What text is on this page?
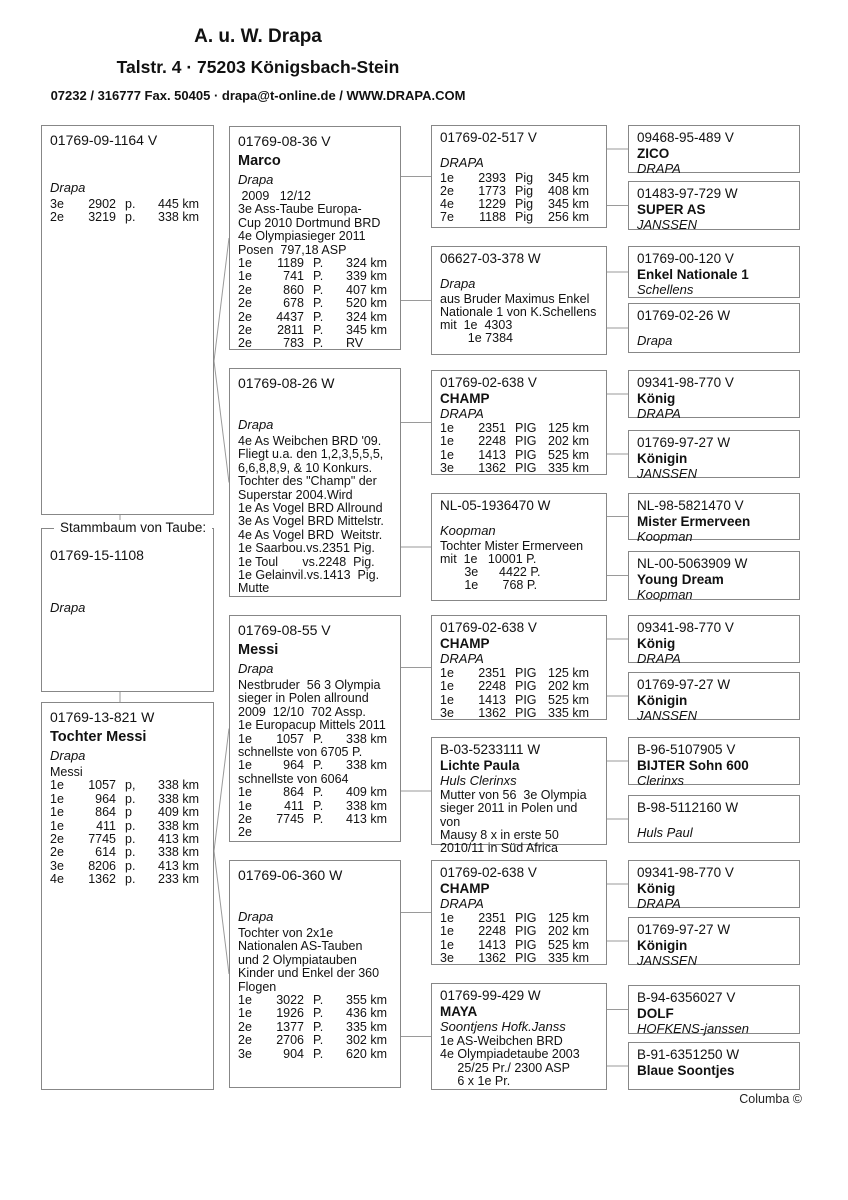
A. u. W. Drapa
Talstr. 4 · 75203 Königsbach-Stein
07232 / 316777 Fax. 50405 · drapa@t-online.de / WWW.DRAPA.COM
01769-09-1164 V
Drapa
3e	2902 p.	445 km
2e	3219 p.	338 km
Stammbaum von Taube:
01769-15-1108
Drapa
01769-13-821 W
Tochter Messi
Drapa
Messi
1e	1057 p,	338 km
1e	964 p.	338 km
1e	864 p	409 km
1e	411 p.	338 km
2e	7745 p.	413 km
2e	614 p.	338 km
3e	8206 p.	413 km
4e	1362 p.	233 km
01769-08-36 V
Marco
Drapa
2009   12/12
3e Ass-Taube Europa-
Cup 2010 Dortmund BRD
4e Olympiasieger 2011
Posen  797,18 ASP
1e	1189 P.	324 km
1e	741 P.	339 km
2e	860 P.	407 km
2e	678 P.	520 km
2e	4437 P.	324 km
2e	2811 P.	345 km
2e	783 P.	RV
01769-08-26 W
Drapa
4e As Weibchen BRD '09.
Fliegt u.a. den 1,2,3,5,5,5,
6,6,8,8,9, & 10 Konkurs.
Tochter des "Champ" der
Superstar 2004.Wird
1e As Vogel BRD Allround
3e As Vogel BRD Mittelstr.
4e As Vogel BRD  Weitstr.
1e Saarbou.vs.2351 Pig.
1e Toul       vs.2248  Pig.
1e Gelainvil.vs.1413  Pig.
Mutte
01769-08-55 V
Messi
Drapa
Nestbruder  56 3 Olympia
sieger in Polen allround
2009  12/10  702 Assp.
1e Europacup Mittels 2011
1e	1057 P.	338 km
schnellste von 6705 P.
1e	964 P.	338 km
schnellste von 6064
1e	864 P.	409 km
1e	411 P.	338 km
2e	7745 P.	413 km
2e
01769-06-360 W
Drapa
Tochter von 2x1e
Nationalen AS-Tauben
und 2 Olympiatauben
Kinder und Enkel der 360
Flogen
1e	3022 P.	355 km
1e	1926 P.	436 km
2e	1377 P.	335 km
2e	2706 P.	302 km
3e	904 P.	620 km
01769-02-517 V
DRAPA
1e	2393 Pig	345 km
2e	1773 Pig	408 km
4e	1229 Pig	345 km
7e	1188 Pig	256 km
06627-03-378 W
Drapa
aus Bruder Maximus Enkel
Nationale 1 von K.Schellens
mit  1e  4303
1e 7384
01769-02-638 V
CHAMP
DRAPA
1e	2351 PIG 125 km
1e	2248 PIG 202 km
1e	1413 PIG 525 km
3e	1362 PIG 335 km
NL-05-1936470 W
Koopman
Tochter Mister Ermerveen
mit  1e   10001 P.
3e      4422 P.
1e       768 P.
01769-02-638 V
CHAMP
DRAPA
1e	2351 PIG 125 km
1e	2248 PIG 202 km
1e	1413 PIG 525 km
3e	1362 PIG 335 km
B-03-5233111 W
Lichte Paula
Huls Clerinxs
Mutter von 56  3e Olympia
sieger 2011 in Polen und von
Mausy 8 x in erste 50
2010/11 in Süd Africa
01769-02-638 V
CHAMP
DRAPA
1e	2351 PIG 125 km
1e	2248 PIG 202 km
1e	1413 PIG 525 km
3e	1362 PIG 335 km
01769-99-429 W
MAYA
Soontjens Hofk.Janss
1e AS-Weibchen BRD
4e Olympiadetaube 2003
25/25 Pr./ 2300 ASP
6 x 1e Pr.
09468-95-489 V
ZICO
DRAPA
01483-97-729 W
SUPER AS
JANSSEN
01769-00-120 V
Enkel Nationale 1
Schellens
01769-02-26 W
Drapa
09341-98-770 V
König
DRAPA
01769-97-27 W
Königin
JANSSEN
NL-98-5821470 V
Mister Ermerveen
Koopman
NL-00-5063909 W
Young Dream
Koopman
09341-98-770 V
König
DRAPA
01769-97-27 W
Königin
JANSSEN
B-96-5107905 V
BIJTER Sohn 600
Clerinxs
B-98-5112160 W
Huls Paul
09341-98-770 V
König
DRAPA
01769-97-27 W
Königin
JANSSEN
B-94-6356027 V
DOLF
HOFKENS-janssen
B-91-6351250 W
Blaue Soontjes
Columba ©
